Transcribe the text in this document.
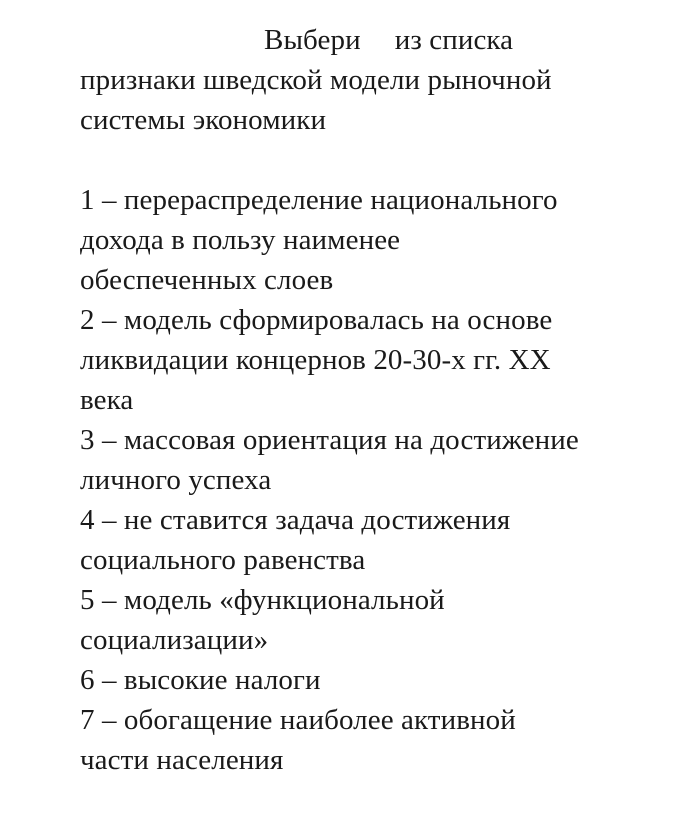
Выбери из списка
признаки шведской модели рыночной
системы экономики
1 – перераспределение национального
дохода в пользу наименее
обеспеченных слоев
2 – модель сформировалась на основе
ликвидации концернов 20-30-х гг. XX
века
3 – массовая ориентация на достижение
личного успеха
4 – не ставится задача достижения
социального равенства
5 – модель «функциональной
социализации»
6 – высокие налоги
7 – обогащение наиболее активной
части населения
